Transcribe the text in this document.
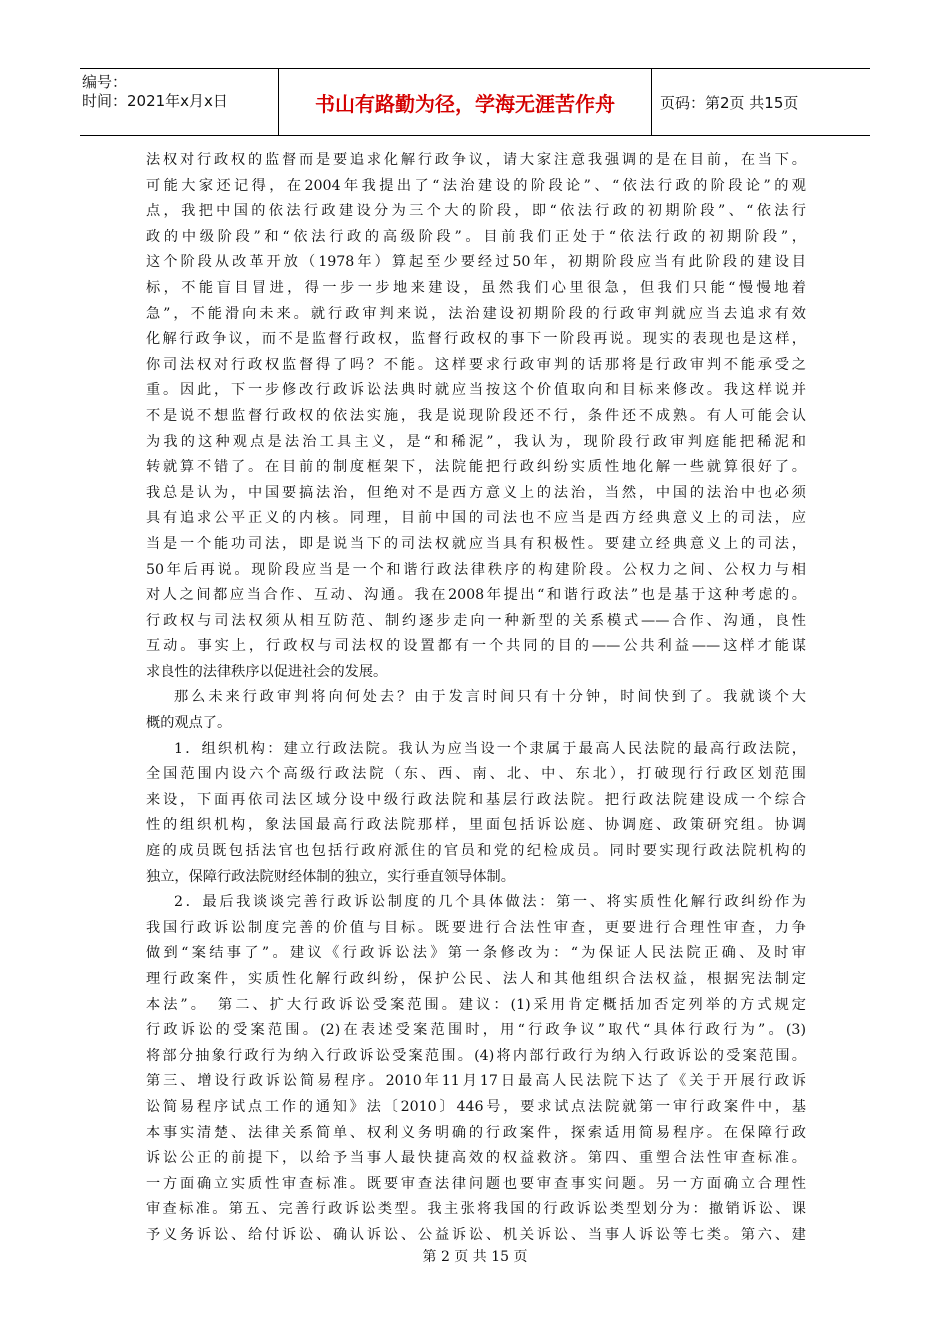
编号：
时间：2021年x月x日	书山有路勤为径，学海无涯苦作舟	页码：第2页 共15页
法权对行政权的监督而是要追求化解行政争议，请大家注意我强调的是在目前，在当下。
可能大家还记得，在2004年我提出了“法治建设的阶段论”、“依法行政的阶段论”的观
点，我把中国的依法行政建设分为三个大的阶段，即“依法行政的初期阶段”、“依法行
政的中级阶段”和“依法行政的高级阶段”。目前我们正处于“依法行政的初期阶段”，
这个阶段从改革开放（1978年）算起至少要经过50年，初期阶段应当有此阶段的建设目
标，不能盲目冒进，得一步一步地来建设，虽然我们心里很急，但我们只能“慢慢地着
急”，不能滑向未来。就行政审判来说，法治建设初期阶段的行政审判就应当去追求有效
化解行政争议，而不是监督行政权，监督行政权的事下一阶段再说。现实的表现也是这样，
你司法权对行政权监督得了吗？不能。这样要求行政审判的话那将是行政审判不能承受之
重。因此，下一步修改行政诉讼法典时就应当按这个价值取向和目标来修改。我这样说并
不是说不想监督行政权的依法实施，我是说现阶段还不行，条件还不成熟。有人可能会认
为我的这种观点是法治工具主义，是“和稀泥”，我认为，现阶段行政审判庭能把稀泥和
转就算不错了。在目前的制度框架下，法院能把行政纠纷实质性地化解一些就算很好了。
我总是认为，中国要搞法治，但绝对不是西方意义上的法治，当然，中国的法治中也必须
具有追求公平正义的内核。同理，目前中国的司法也不应当是西方经典意义上的司法，应
当是一个能功司法，即是说当下的司法权就应当具有积极性。要建立经典意义上的司法，
50年后再说。现阶段应当是一个和谐行政法律秩序的构建阶段。公权力之间、公权力与相
对人之间都应当合作、互动、沟通。我在2008年提出“和谐行政法”也是基于这种考虑的。
行政权与司法权须从相互防范、制约逐步走向一种新型的关系模式——合作、沟通，良性
互动。事实上，行政权与司法权的设置都有一个共同的目的——公共利益——这样才能谋
求良性的法律秩序以促进社会的发展。
那么未来行政审判将向何处去？由于发言时间只有十分钟，时间快到了。我就谈个大
概的观点了。
1．组织机构：建立行政法院。我认为应当设一个隶属于最高人民法院的最高行政法院，
全国范围内设六个高级行政法院（东、西、南、北、中、东北），打破现行行政区划范围
来设，下面再依司法区域分设中级行政法院和基层行政法院。把行政法院建设成一个综合
性的组织机构，象法国最高行政法院那样，里面包括诉讼庭、协调庭、政策研究组。协调
庭的成员既包括法官也包括行政府派住的官员和党的纪检成员。同时要实现行政法院机构的
独立，保障行政法院财经体制的独立，实行垂直领导体制。
2．最后我谈谈完善行政诉讼制度的几个具体做法：第一、将实质性化解行政纠纷作为
我国行政诉讼制度完善的价值与目标。既要进行合法性审查，更要进行合理性审查，力争
做到“案结事了”。建议《行政诉讼法》第一条修改为：“为保证人民法院正确、及时审
理行政案件，实质性化解行政纠纷，保护公民、法人和其他组织合法权益，根据宪法制定
本法”。　第二、扩大行政诉讼受案范围。建议：(1)采用肯定概括加否定列举的方式规定
行政诉讼的受案范围。(2)在表述受案范围时，用“行政争议”取代“具体行政行为”。(3)
将部分抽象行政行为纳入行政诉讼受案范围。(4)将内部行政行为纳入行政诉讼的受案范围。
第三、增设行政诉讼简易程序。2010年11月17日最高人民法院下达了《关于开展行政诉
讼简易程序试点工作的通知》法〔2010〕446号，要求试点法院就第一审行政案件中，基
本事实清楚、法律关系简单、权利义务明确的行政案件，探索适用简易程序。在保障行政
诉讼公正的前提下，以给予当事人最快捷高效的权益救济。第四、重塑合法性审查标准。
一方面确立实质性审查标准。既要审查法律问题也要审查事实问题。另一方面确立合理性
审查标准。第五、完善行政诉讼类型。我主张将我国的行政诉讼类型划分为：撤销诉讼、课
予义务诉讼、给付诉讼、确认诉讼、公益诉讼、机关诉讼、当事人诉讼等七类。第六、建
第 2 页 共 15 页
